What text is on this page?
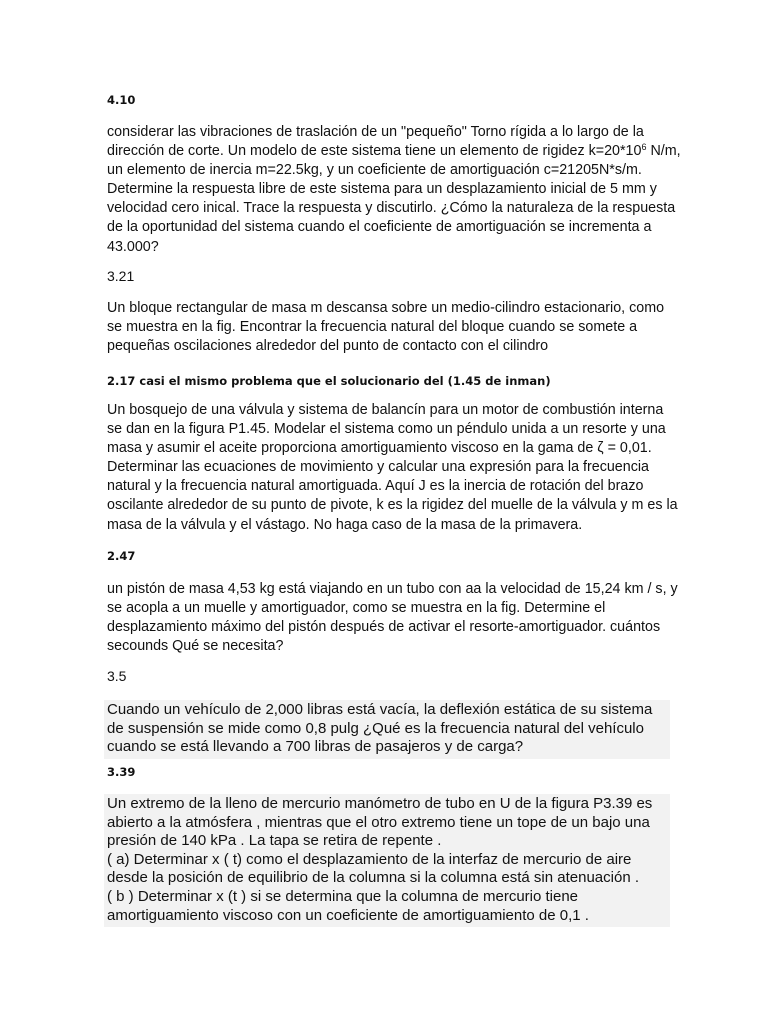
4.10
considerar las vibraciones de traslación de un "pequeño" Torno rígida a lo largo de la
dirección de corte. Un modelo de este sistema tiene un elemento de rigidez $k=20*10^6$ N/m,
un elemento de inercia m=22.5kg, y un coeficiente de amortiguación c=21205N*s/m.
Determine la respuesta libre de este sistema para un desplazamiento inicial de 5 mm y
velocidad cero inical. Trace la respuesta y discutirlo. ¿Cómo la naturaleza de la respuesta
de la oportunidad del sistema cuando el coeficiente de amortiguación se incrementa a
43.000?
3.21
Un bloque rectangular de masa m descansa sobre un medio-cilindro estacionario, como
se muestra en la fig. Encontrar la frecuencia natural del bloque cuando se somete a
pequeñas oscilaciones alrededor del punto de contacto con el cilindro
2.17 casi el mismo problema que el solucionario del (1.45 de inman)
Un bosquejo de una válvula y sistema de balancín para un motor de combustión interna
se dan en la figura P1.45. Modelar el sistema como un péndulo unida a un resorte y una
masa y asumir el aceite proporciona amortiguamiento viscoso en la gama de ζ = 0,01.
Determinar las ecuaciones de movimiento y calcular una expresión para la frecuencia
natural y la frecuencia natural amortiguada. Aquí J es la inercia de rotación del brazo
oscilante alrededor de su punto de pivote, k es la rigidez del muelle de la válvula y m es la
masa de la válvula y el vástago. No haga caso de la masa de la primavera.
2.47
un pistón de masa 4,53 kg está viajando en un tubo con aa la velocidad de 15,24 km / s, y
se acopla a un muelle y amortiguador, como se muestra en la fig. Determine el
desplazamiento máximo del pistón después de activar el resorte-amortiguador. cuántos
secounds Qué se necesita?
3.5
Cuando un vehículo de 2,000 libras está vacía, la deflexión estática de su sistema
de suspensión se mide como 0,8 pulg ¿Qué es la frecuencia natural del vehículo
cuando se está llevando a 700 libras de pasajeros y de carga?
3.39
Un extremo de la lleno de mercurio manómetro de tubo en U de la figura P3.39 es
abierto a la atmósfera , mientras que el otro extremo tiene un tope de un bajo una
presión de 140 kPa . La tapa se retira de repente .
( a) Determinar x ( t) como el desplazamiento de la interfaz de mercurio de aire
desde la posición de equilibrio de la columna si la columna está sin atenuación .
( b ) Determinar x (t ) si se determina que la columna de mercurio tiene
amortiguamiento viscoso con un coeficiente de amortiguamiento de 0,1 .
